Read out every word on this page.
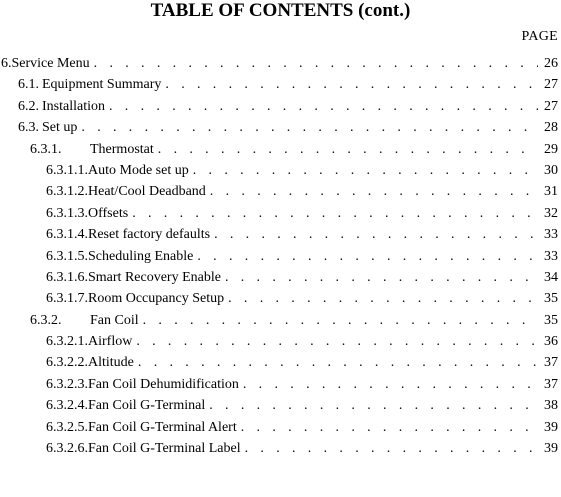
TABLE OF CONTENTS (cont.)
PAGE
6.Service Menu . . .	26
6.1. Equipment Summary . . .	27
6.2. Installation . . .	27
6.3. Set up . . .	28
6.3.1. Thermostat . . .	29
6.3.1.1.Auto Mode set up . . .	30
6.3.1.2.Heat/Cool Deadband . . .	31
6.3.1.3.Offsets . . .	32
6.3.1.4.Reset factory defaults . . .	33
6.3.1.5.Scheduling Enable . . .	33
6.3.1.6.Smart Recovery Enable . . .	34
6.3.1.7.Room Occupancy Setup . . .	35
6.3.2. Fan Coil . . .	35
6.3.2.1.Airflow . . .	36
6.3.2.2.Altitude . . .	37
6.3.2.3.Fan Coil Dehumidification . . .	37
6.3.2.4.Fan Coil G-Terminal . . .	38
6.3.2.5.Fan Coil G-Terminal Alert . . .	39
6.3.2.6.Fan Coil G-Terminal Label . . .	39
